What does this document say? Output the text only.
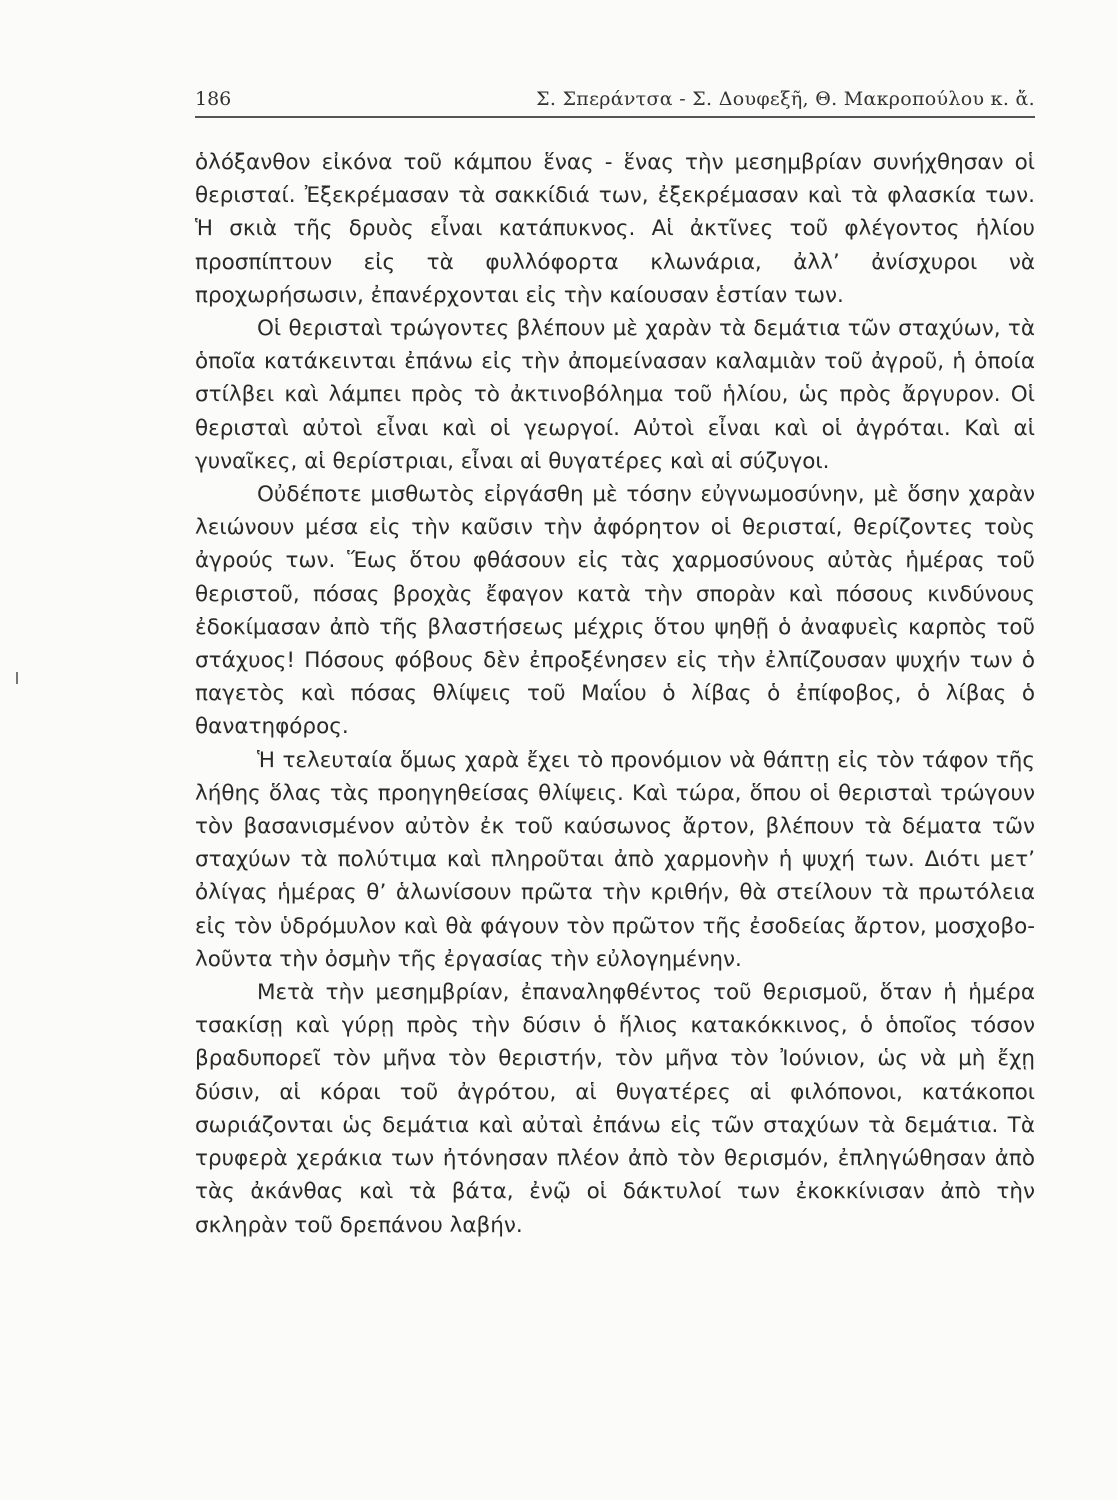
186	Σ. Σπεράντσα - Σ. Δουφεξῆ, Θ. Μακροπούλου κ. ἄ.

ὁλόξανθον εἰκόνα τοῦ κάμπου ἕνας - ἕνας τὴν μεσημβρίαν συνήχθησαν οἱ θερισταί. Ἐξεκρέμασαν τὰ σακκίδιά των, ἐξεκρέμασαν καὶ τὰ φλασκία των. Ἡ σκιὰ τῆς δρυὸς εἶναι κατάπυκνος. Αἱ ἀκτῖνες τοῦ φλέγοντος ἡλίου προσπίπτουν εἰς τὰ φυλλόφορτα κλωνάρια, ἀλλ’ ἀνίσχυροι νὰ προχωρήσωσιν, ἐπανέρχονται εἰς τὴν καίουσαν ἑστίαν των.

Οἱ θερισταὶ τρώγοντες βλέπουν μὲ χαρὰν τὰ δεμάτια τῶν σταχύων, τὰ ὁποῖα κατάκεινται ἐπάνω εἰς τὴν ἀπομείνασαν καλαμιὰν τοῦ ἀγροῦ, ἡ ὁποία στίλβει καὶ λάμπει πρὸς τὸ ἀκτινοβόλημα τοῦ ἡλίου, ὡς πρὸς ἄργυρον. Οἱ θερισταὶ αὐτοὶ εἶναι καὶ οἱ γεωργοί. Αὐτοὶ εἶναι καὶ οἱ ἀγρόται. Καὶ αἱ γυναῖκες, αἱ θερίστριαι, εἶναι αἱ θυγατέρες καὶ αἱ σύζυγοι.

Οὐδέποτε μισθωτὸς εἰργάσθη μὲ τόσην εὐγνωμοσύνην, μὲ ὅσην χαρὰν λειώνουν μέσα εἰς τὴν καῦσιν τὴν ἀφόρητον οἱ θερισταί, θερίζοντες τοὺς ἀγρούς των. Ἕως ὅτου φθάσουν εἰς τὰς χαρμοσύνους αὐτὰς ἡμέρας τοῦ θεριστοῦ, πόσας βροχὰς ἔφαγον κατὰ τὴν σπορὰν καὶ πόσους κινδύνους ἐδοκίμασαν ἀπὸ τῆς βλαστήσεως μέχρις ὅτου ψηθῇ ὁ ἀναφυεὶς καρπὸς τοῦ στάχυος! Πόσους φόβους δὲν ἐπροξένησεν εἰς τὴν ἐλπίζουσαν ψυχήν των ὁ παγετὸς καὶ πόσας θλίψεις τοῦ Μαΐου ὁ λίβας ὁ ἐπίφοβος, ὁ λίβας ὁ θανατηφόρος.

Ἡ τελευταία ὅμως χαρὰ ἔχει τὸ προνόμιον νὰ θάπτῃ εἰς τὸν τάφον τῆς λήθης ὅλας τὰς προηγηθείσας θλίψεις. Καὶ τώρα, ὅπου οἱ θερισταὶ τρώγουν τὸν βασανισμένον αὐτὸν ἐκ τοῦ καύσωνος ἄρτον, βλέπουν τὰ δέματα τῶν σταχύων τὰ πολύτιμα καὶ πληροῦται ἀπὸ χαρμονὴν ἡ ψυχή των. Διότι μετ’ ὀλίγας ἡμέρας θ’ ἁλωνίσουν πρῶτα τὴν κριθήν, θὰ στείλουν τὰ πρωτόλεια εἰς τὸν ὑδρόμυλον καὶ θὰ φάγουν τὸν πρῶτον τῆς ἐσοδείας ἄρτον, μοσχοβολοῦντα τὴν ὀσμὴν τῆς ἐργασίας τὴν εὐλογημένην.

Μετὰ τὴν μεσημβρίαν, ἐπαναληφθέντος τοῦ θερισμοῦ, ὅταν ἡ ἡμέρα τσακίσῃ καὶ γύρῃ πρὸς τὴν δύσιν ὁ ἥλιος κατακόκκινος, ὁ ὁποῖος τόσον βραδυπορεῖ τὸν μῆνα τὸν θεριστήν, τὸν μῆνα τὸν Ἰούνιον, ὡς νὰ μὴ ἔχῃ δύσιν, αἱ κόραι τοῦ ἀγρότου, αἱ θυγατέρες αἱ φιλόπονοι, κατάκοποι σωριάζονται ὡς δεμάτια καὶ αὐταὶ ἐπάνω εἰς τῶν σταχύων τὰ δεμάτια. Τὰ τρυφερὰ χεράκια των ἠτόνησαν πλέον ἀπὸ τὸν θερισμόν, ἐπληγώθησαν ἀπὸ τὰς ἀκάνθας καὶ τὰ βάτα, ἐνῷ οἱ δάκτυλοί των ἐκοκκίνισαν ἀπὸ τὴν σκληρὰν τοῦ δρεπάνου λαβήν.
